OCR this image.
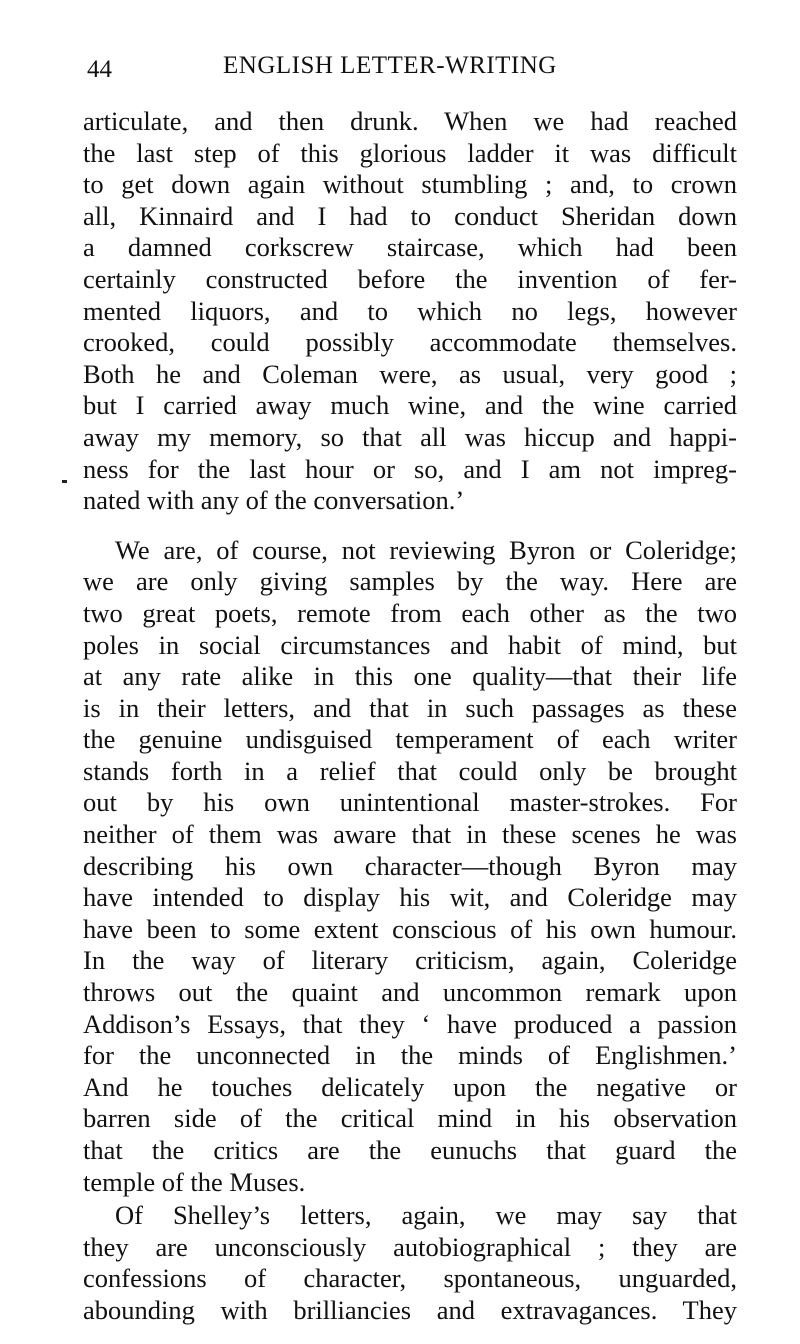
44	ENGLISH LETTER-WRITING
articulate, and then drunk. When we had reached
the last step of this glorious ladder it was difficult
to get down again without stumbling ; and, to crown
all, Kinnaird and I had to conduct Sheridan down
a damned corkscrew staircase, which had been
certainly constructed before the invention of fer-
mented liquors, and to which no legs, however
crooked, could possibly accommodate themselves.
Both he and Coleman were, as usual, very good ;
but I carried away much wine, and the wine carried
away my memory, so that all was hiccup and happi-
ness for the last hour or so, and I am not impreg-
nated with any of the conversation.’
We are, of course, not reviewing Byron or Coleridge;
we are only giving samples by the way. Here are
two great poets, remote from each other as the two
poles in social circumstances and habit of mind, but
at any rate alike in this one quality—that their life
is in their letters, and that in such passages as these
the genuine undisguised temperament of each writer
stands forth in a relief that could only be brought
out by his own unintentional master-strokes. For
neither of them was aware that in these scenes he was
describing his own character—though Byron may
have intended to display his wit, and Coleridge may
have been to some extent conscious of his own humour.
In the way of literary criticism, again, Coleridge
throws out the quaint and uncommon remark upon
Addison’s Essays, that they ‘ have produced a passion
for the unconnected in the minds of Englishmen.’
And he touches delicately upon the negative or
barren side of the critical mind in his observation
that the critics are the eunuchs that guard the
temple of the Muses.
Of Shelley’s letters, again, we may say that
they are unconsciously autobiographical ; they are
confessions of character, spontaneous, unguarded,
abounding with brilliancies and extravagances. They
